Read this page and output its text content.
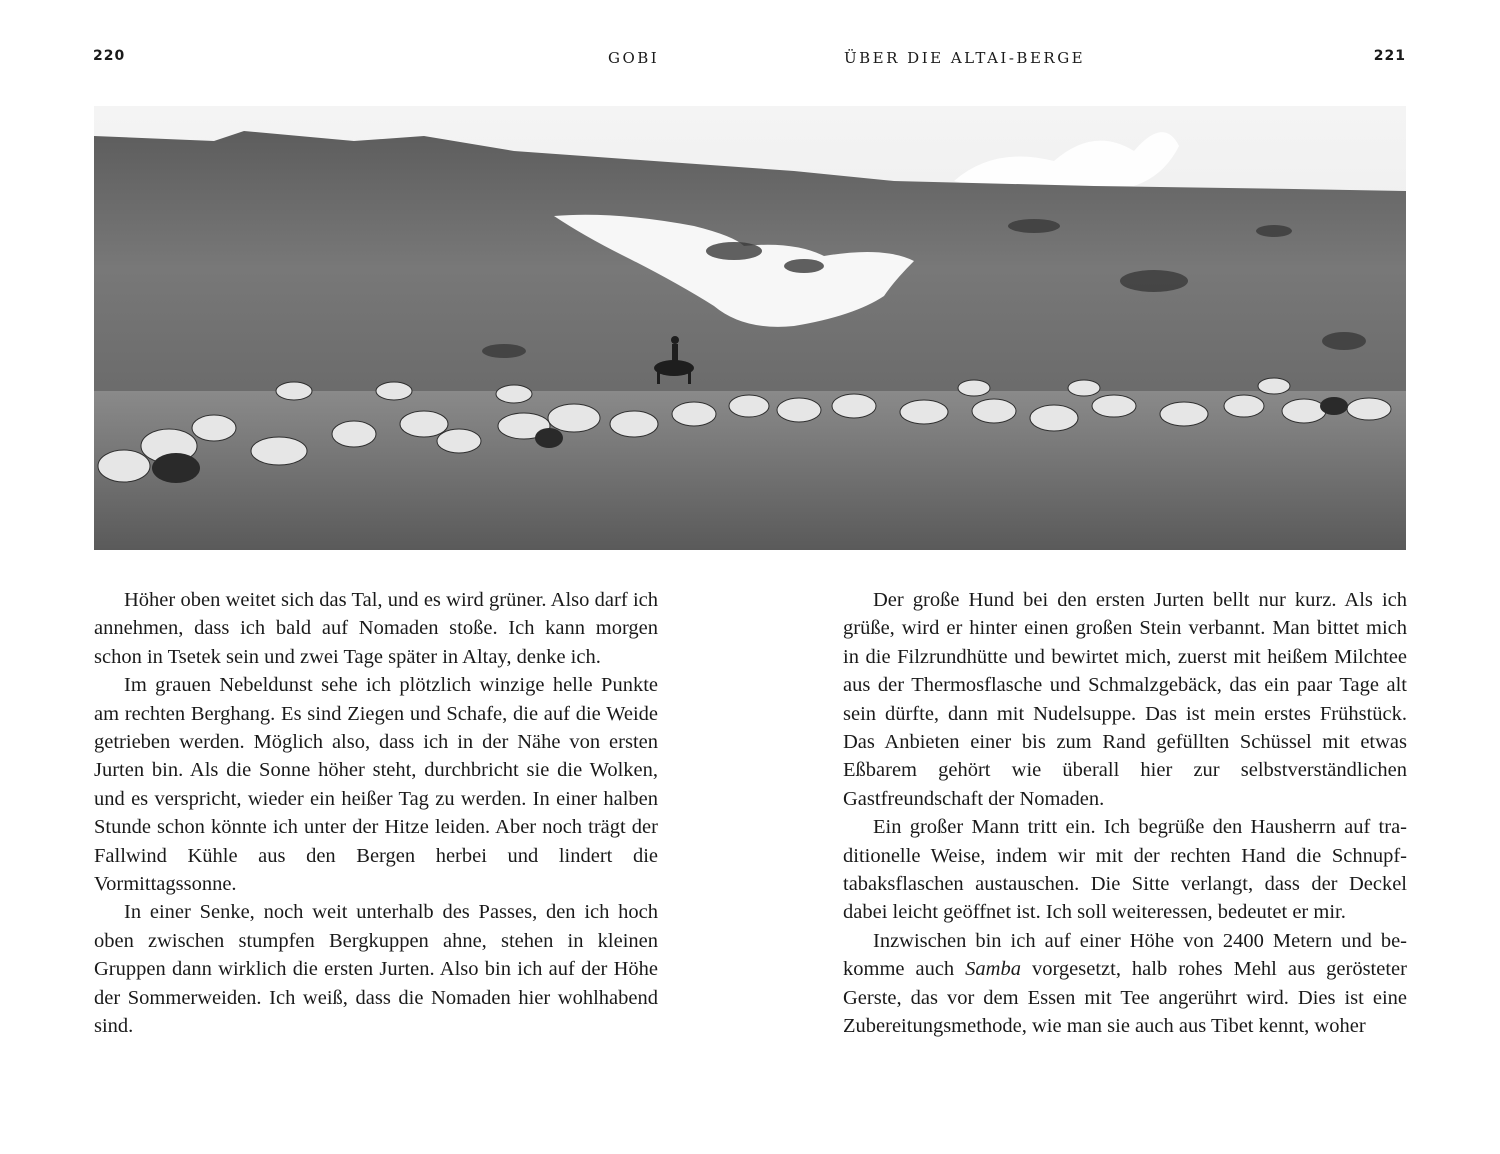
220	GOBI	ÜBER DIE ALTAI-BERGE	221

Höher oben weitet sich das Tal, und es wird grüner. Also darf ich annehmen, dass ich bald auf Nomaden stoße. Ich kann morgen schon in Tsetek sein und zwei Tage später in Altay, denke ich.

Im grauen Nebeldunst sehe ich plötzlich winzige helle Punkte am rechten Berghang. Es sind Ziegen und Schafe, die auf die Weide getrieben werden. Möglich also, dass ich in der Nähe von ersten Jurten bin. Als die Sonne höher steht, durchbricht sie die Wolken, und es verspricht, wieder ein heißer Tag zu werden. In einer halben Stunde schon könnte ich unter der Hitze leiden. Aber noch trägt der Fallwind Kühle aus den Bergen herbei und lindert die Vormittagssonne.

In einer Senke, noch weit unterhalb des Passes, den ich hoch oben zwischen stumpfen Bergkuppen ahne, stehen in kleinen Gruppen dann wirklich die ersten Jurten. Also bin ich auf der Höhe der Sommerweiden. Ich weiß, dass die Nomaden hier wohlhabend sind.

Der große Hund bei den ersten Jurten bellt nur kurz. Als ich grüße, wird er hinter einen großen Stein verbannt. Man bittet mich in die Filzrundhütte und bewirtet mich, zuerst mit heißem Milchtee aus der Thermosflasche und Schmalzgebäck, das ein paar Tage alt sein dürfte, dann mit Nudelsuppe. Das ist mein erstes Frühstück. Das Anbieten einer bis zum Rand gefüllten Schüssel mit etwas Eßbarem gehört wie überall hier zur selbstverständlichen Gastfreundschaft der Nomaden.

Ein großer Mann tritt ein. Ich begrüße den Hausherrn auf traditionelle Weise, indem wir mit der rechten Hand die Schnupftabaksflaschen austauschen. Die Sitte verlangt, dass der Deckel dabei leicht geöffnet ist. Ich soll weiteressen, bedeutet er mir.

Inzwischen bin ich auf einer Höhe von 2400 Metern und bekomme auch Samba vorgesetzt, halb rohes Mehl aus gerösteter Gerste, das vor dem Essen mit Tee angerührt wird. Dies ist eine Zubereitungsmethode, wie man sie auch aus Tibet kennt, woher
